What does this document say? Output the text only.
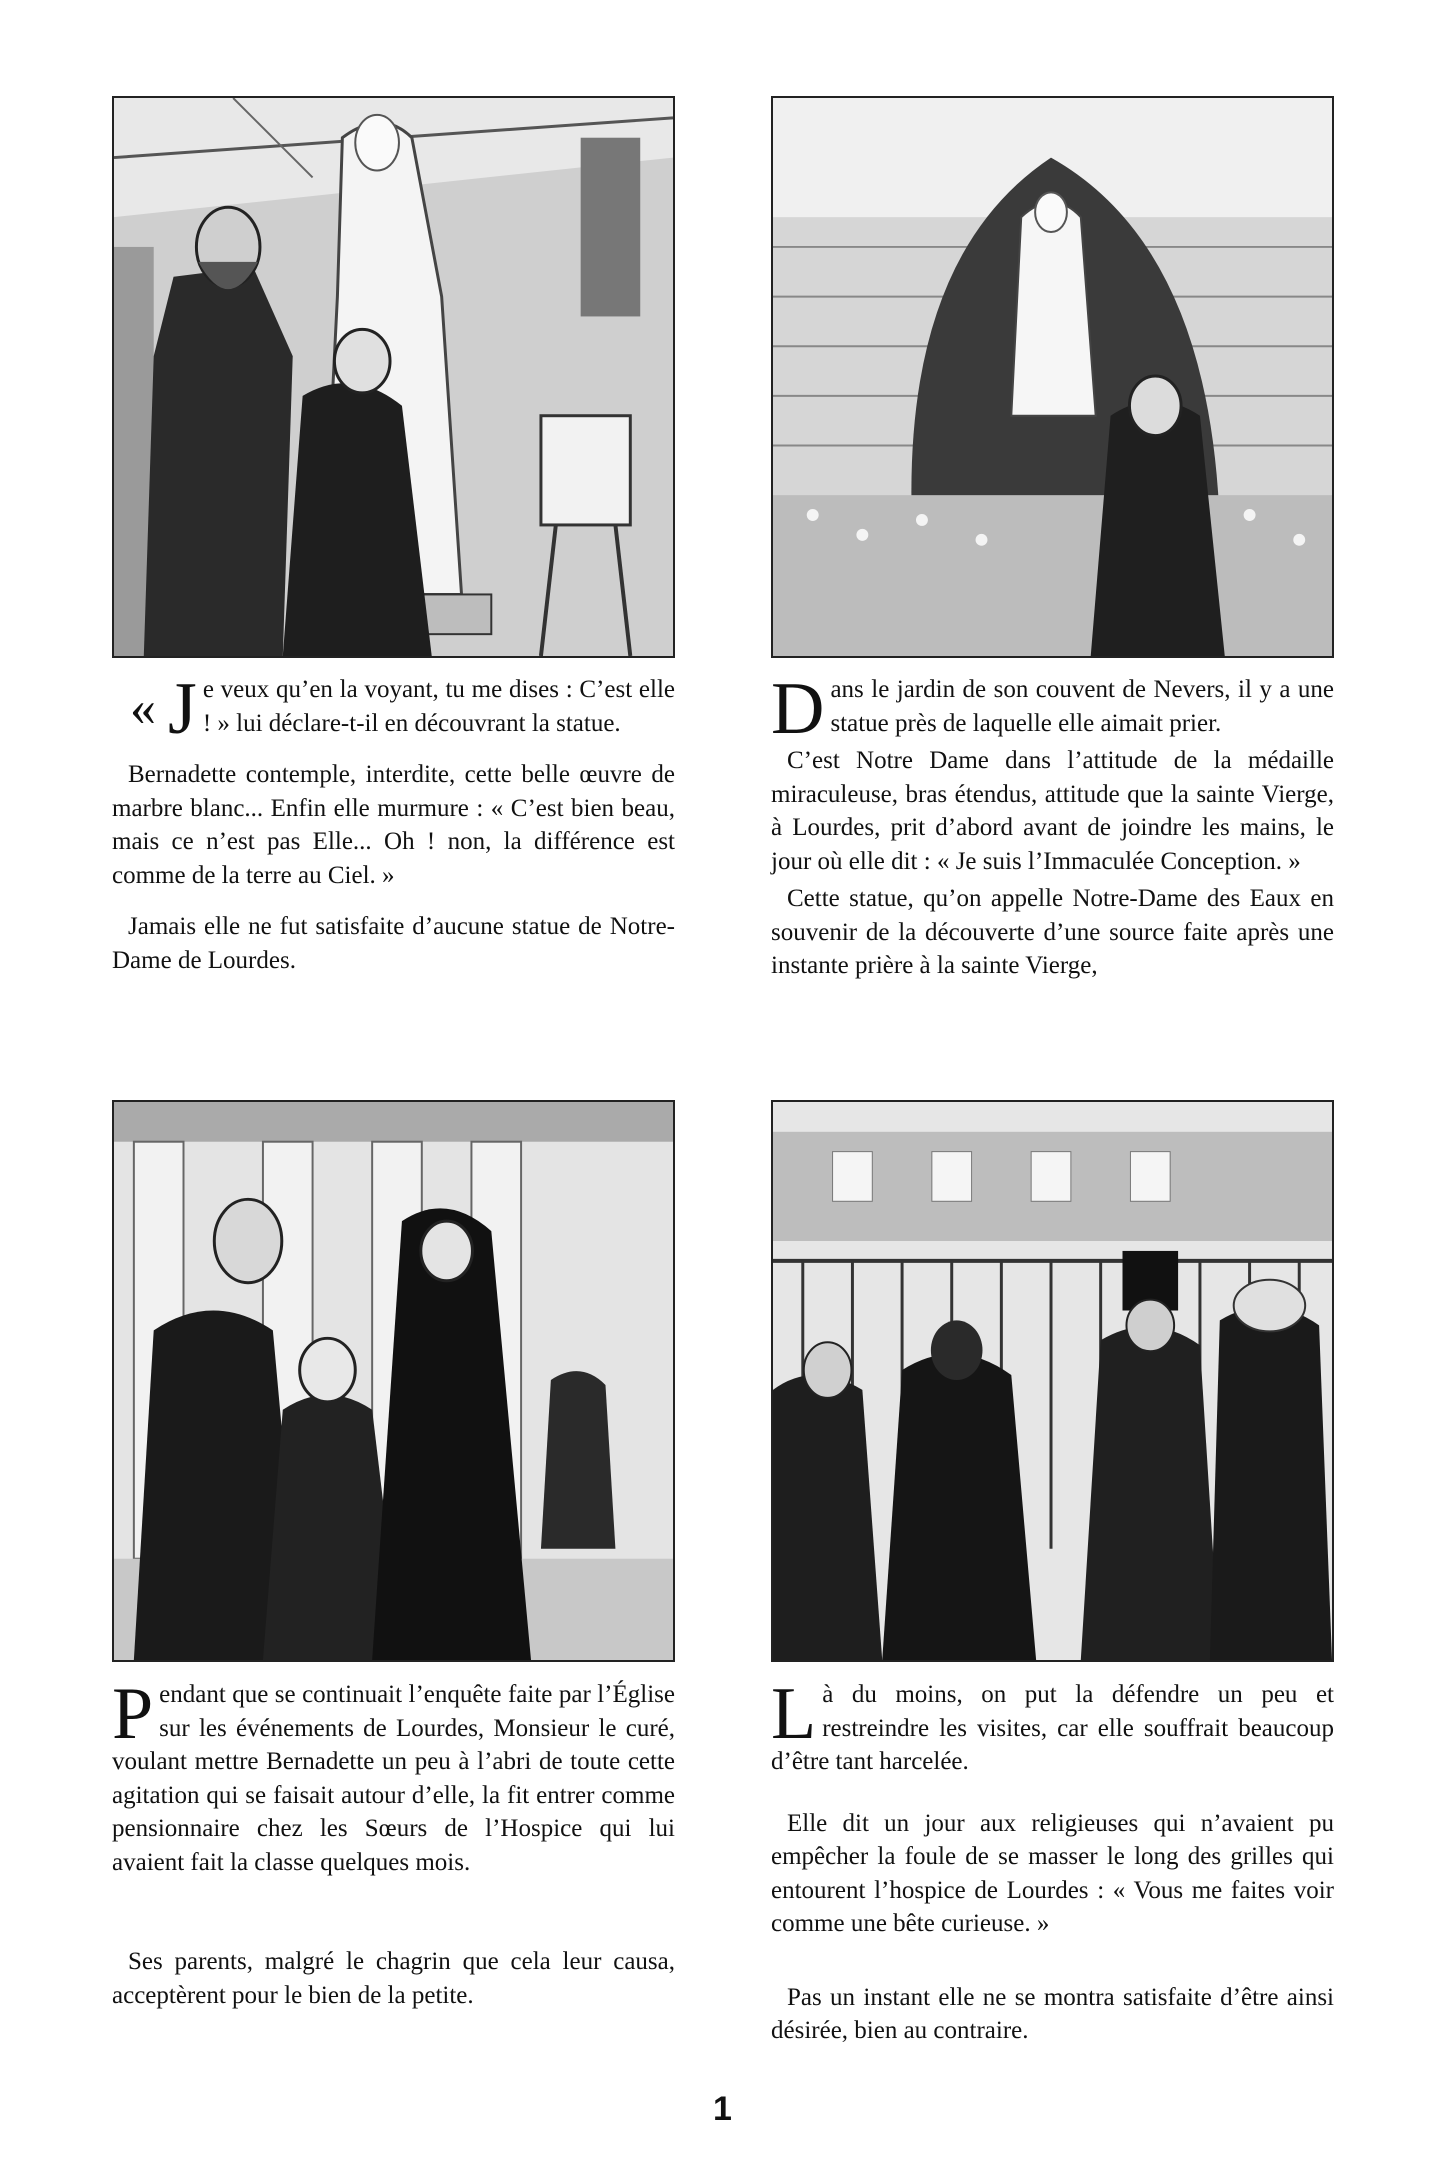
« J e veux qu’en la voyant, tu me dises : C’est elle ! » lui déclare-t-il en découvrant la statue.

Bernadette contemple, interdite, cette belle œuvre de marbre blanc... Enfin elle murmure : « C’est bien beau, mais ce n’est pas Elle... Oh ! non, la différence est comme de la terre au Ciel. »

Jamais elle ne fut satisfaite d’aucune statue de Notre-Dame de Lourdes.

Dans le jardin de son couvent de Nevers, il y a une statue près de laquelle elle aimait prier.

C’est Notre Dame dans l’attitude de la médaille miraculeuse, bras étendus, attitude que la sainte Vierge, à Lourdes, prit d’abord avant de joindre les mains, le jour où elle dit : « Je suis l’Immaculée Conception. »

Cette statue, qu’on appelle Notre-Dame des Eaux en souvenir de la découverte d’une source faite après une instante prière à la sainte Vierge,

Pendant que se continuait l’enquête faite par l’Église sur les événements de Lourdes, Monsieur le curé, voulant mettre Bernadette un peu à l’abri de toute cette agitation qui se faisait autour d’elle, la fit entrer comme pensionnaire chez les Sœurs de l’Hospice qui lui avaient fait la classe quelques mois.

Ses parents, malgré le chagrin que cela leur causa, acceptèrent pour le bien de la petite.

Là du moins, on put la défendre un peu et restreindre les visites, car elle souffrait beaucoup d’être tant harcelée.

Elle dit un jour aux religieuses qui n’avaient pu empêcher la foule de se masser le long des grilles qui entourent l’hospice de Lourdes : « Vous me faites voir comme une bête curieuse. »

Pas un instant elle ne se montra satisfaite d’être ainsi désirée, bien au contraire.

1
